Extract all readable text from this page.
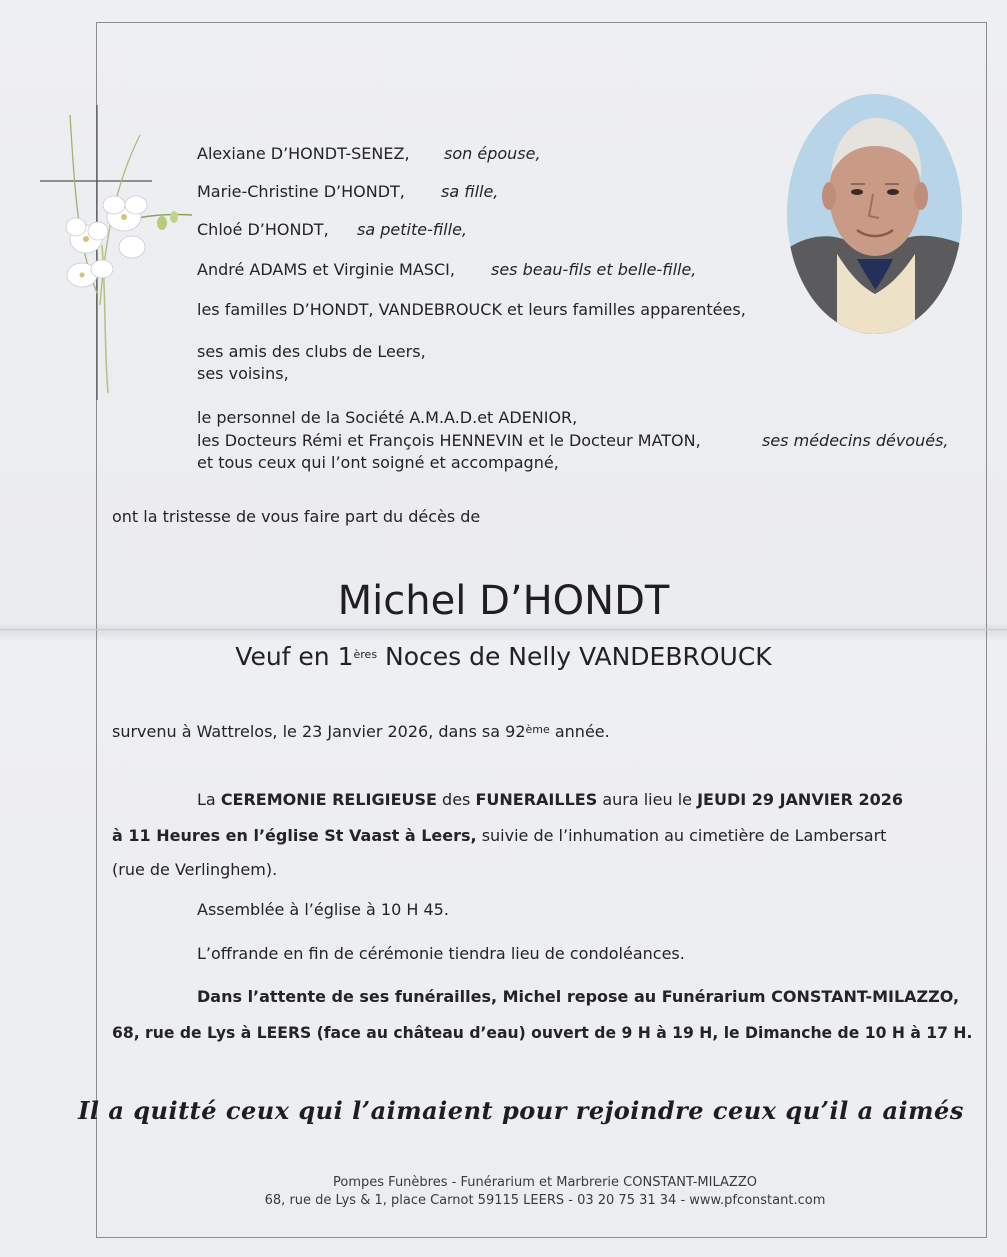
Alexiane D’HONDT-SENEZ, son épouse,
Marie-Christine D’HONDT, sa fille,
Chloé D’HONDT, sa petite-fille,
André ADAMS et Virginie MASCI, ses beau-fils et belle-fille,
les familles D’HONDT, VANDEBROUCK et leurs familles apparentées,
ses amis des clubs de Leers,
ses voisins,
le personnel de la Société A.M.A.D.et ADENIOR,
les Docteurs Rémi et François HENNEVIN et le Docteur MATON,	ses médecins dévoués,
et tous ceux qui l’ont soigné et accompagné,
ont la tristesse de vous faire part du décès de
Michel D’HONDT
Veuf en 1ères Noces de Nelly VANDEBROUCK
survenu à Wattrelos, le 23 Janvier 2026, dans sa 92ème année.
La CEREMONIE RELIGIEUSE des FUNERAILLES aura lieu le JEUDI 29 JANVIER 2026
à 11 Heures en l’église St Vaast à Leers, suivie de l’inhumation au cimetière de Lambersart
(rue de Verlinghem).
Assemblée à l’église à 10 H 45.
L’offrande en fin de cérémonie tiendra lieu de condoléances.
Dans l’attente de ses funérailles, Michel repose au Funérarium CONSTANT-MILAZZO,
68, rue de Lys à LEERS (face au château d’eau) ouvert de 9 H à 19 H, le Dimanche de 10 H à 17 H.
Il a quitté ceux qui l’aimaient pour rejoindre ceux qu’il a aimés
Pompes Funèbres - Funérarium et Marbrerie CONSTANT-MILAZZO
68, rue de Lys & 1, place Carnot 59115 LEERS - 03 20 75 31 34 - www.pfconstant.com
